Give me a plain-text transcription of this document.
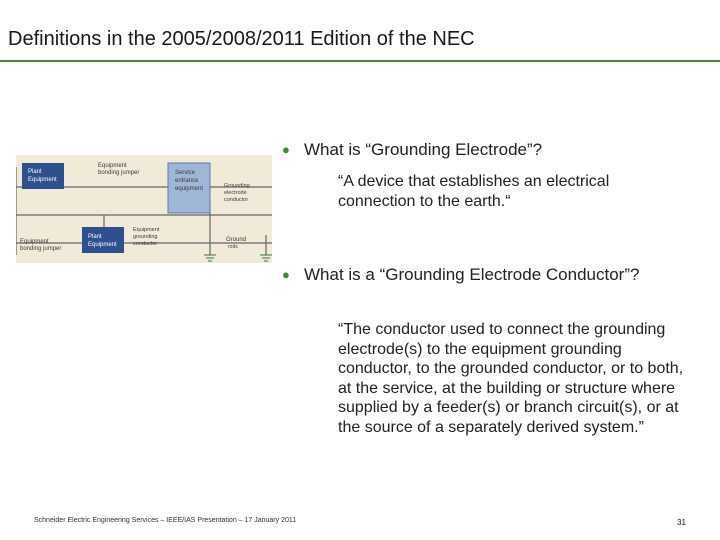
Definitions in the 2005/2008/2011 Edition of the NEC
Plant
Equipment
Service
entrance
equipment
Equipment
bonding jumper
Grounding
electrode
conductor
Equipment
grounding
conductor
Plant
Equipment
Equipment
bonding jumper
Ground
rods
● What is “Grounding Electrode”?
“A device that establishes an electrical connection to the earth.“
● What is a “Grounding Electrode Conductor”?
“The conductor used to connect the grounding electrode(s) to the equipment grounding conductor, to the grounded conductor, or to both, at the service, at the building or structure where supplied by a feeder(s) or branch circuit(s), or at the source of a separately derived system.”
Schneider Electric Engineering Services – IEEE/IAS Presentation – 17 January 2011	31
